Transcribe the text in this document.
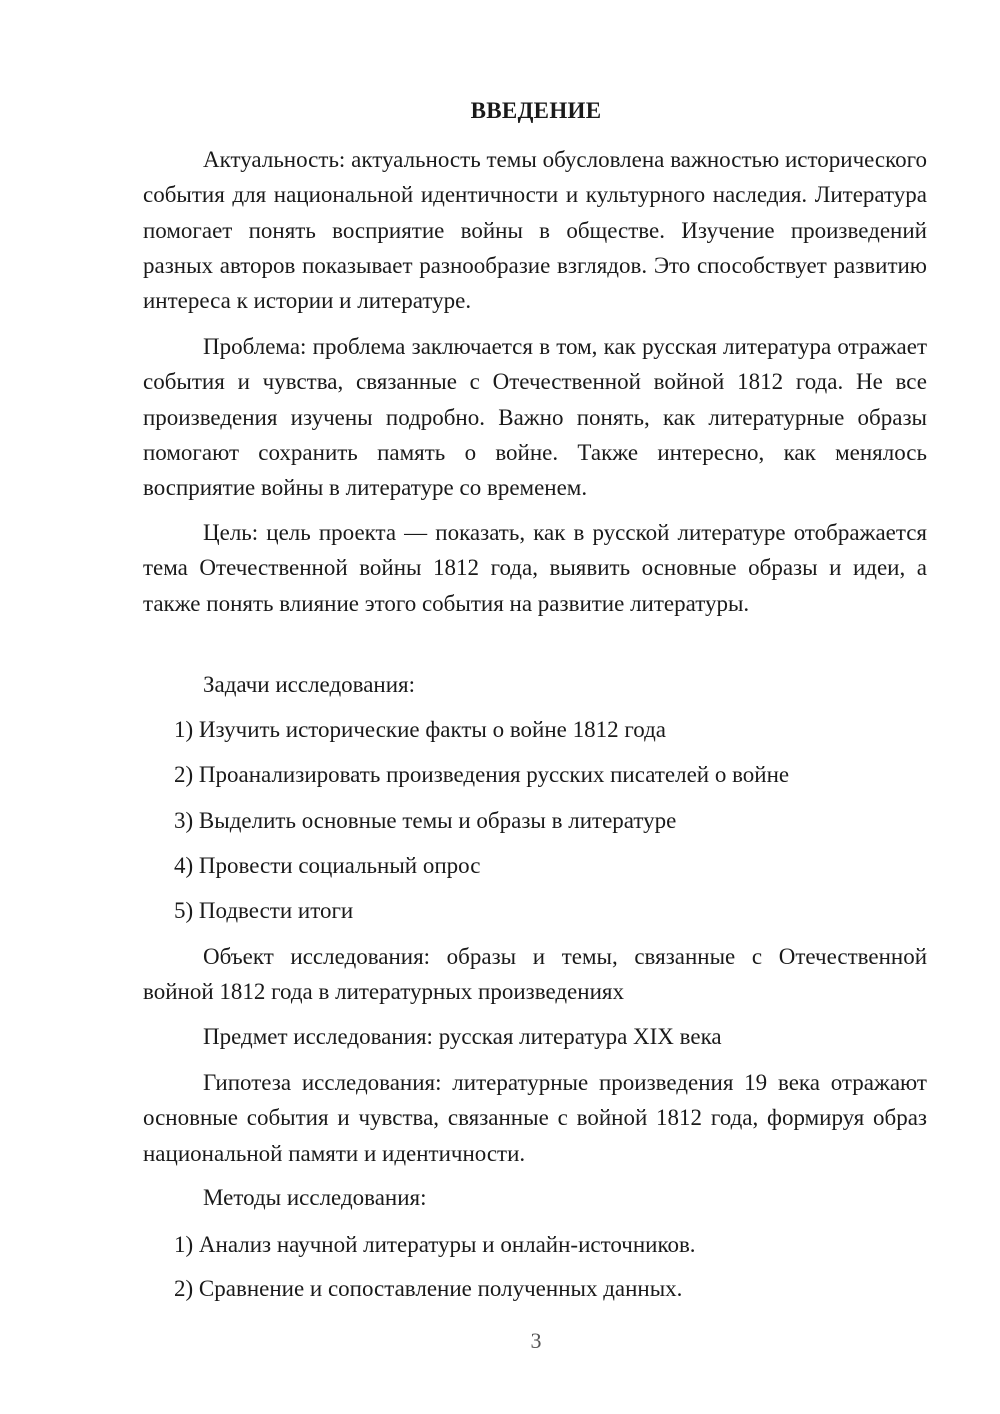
ВВЕДЕНИЕ

Актуальность: актуальность темы обусловлена важностью исторического события для национальной идентичности и культурного наследия. Литература помогает понять восприятие войны в обществе. Изучение произведений разных авторов показывает разнообразие взглядов. Это способствует развитию интереса к истории и литературе.

Проблема: проблема заключается в том, как русская литература отражает события и чувства, связанные с Отечественной войной 1812 года. Не все произведения изучены подробно. Важно понять, как литературные образы помогают сохранить память о войне. Также интересно, как менялось восприятие войны в литературе со временем.

Цель: цель проекта — показать, как в русской литературе отображается тема Отечественной войны 1812 года, выявить основные образы и идеи, а также понять влияние этого события на развитие литературы.

Задачи исследования:
1) Изучить исторические факты о войне 1812 года
2) Проанализировать произведения русских писателей о войне
3) Выделить основные темы и образы в литературе
4) Провести социальный опрос
5) Подвести итоги

Объект исследования: образы и темы, связанные с Отечественной войной 1812 года в литературных произведениях

Предмет исследования: русская литература XIX века

Гипотеза исследования: литературные произведения 19 века отражают основные события и чувства, связанные с войной 1812 года, формируя образ национальной памяти и идентичности.

Методы исследования:
1) Анализ научной литературы и онлайн-источников.
2) Сравнение и сопоставление полученных данных.
3
